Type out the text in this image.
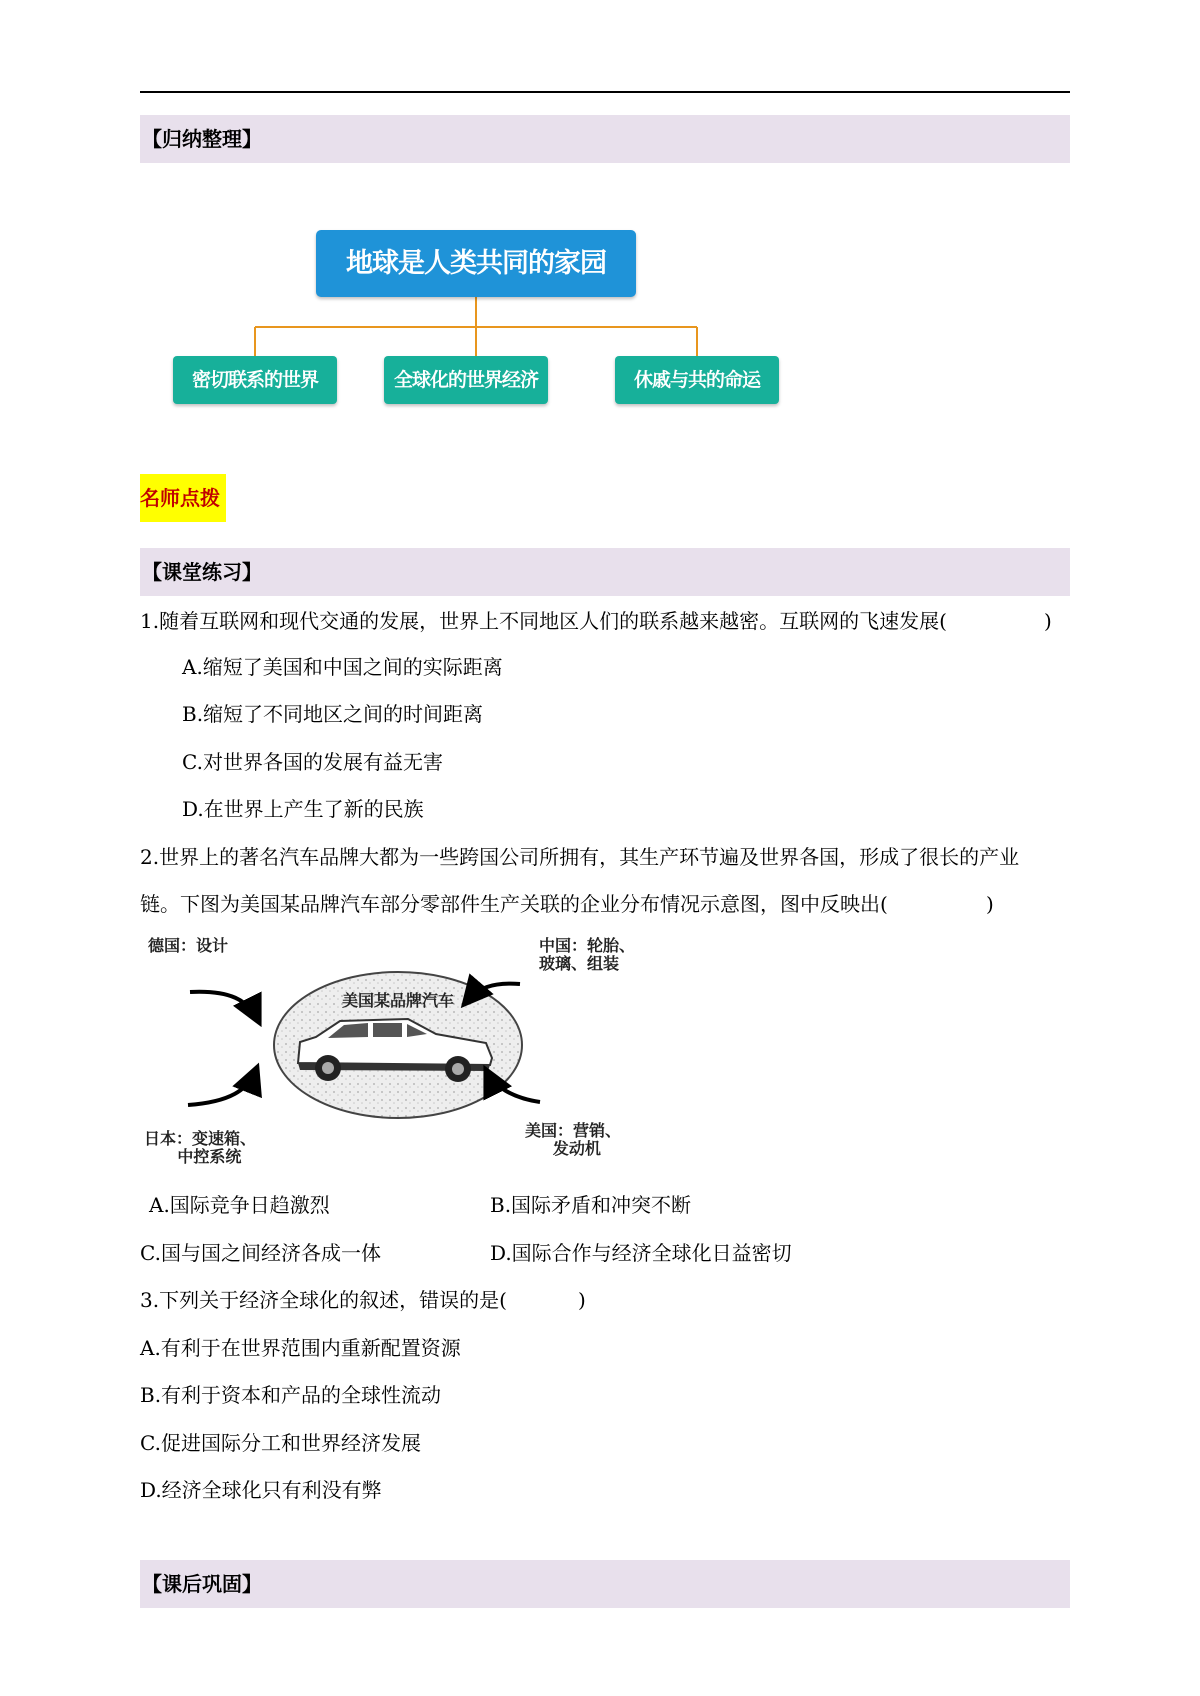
【归纳整理】
地球是人类共同的家园
密切联系的世界	全球化的世界经济	休戚与共的命运
名师点拨
【课堂练习】
1.随着互联网和现代交通的发展，世界上不同地区人们的联系越来越密。互联网的飞速发展(	)
A.缩短了美国和中国之间的实际距离
B.缩短了不同地区之间的时间距离
C.对世界各国的发展有益无害
D.在世界上产生了新的民族
2.世界上的著名汽车品牌大都为一些跨国公司所拥有，其生产环节遍及世界各国，形成了很长的产业
链。下图为美国某品牌汽车部分零部件生产关联的企业分布情况示意图，图中反映出(	)
美国某品牌汽车
德国：设计	中国：轮胎、
玻璃、组装
日本：变速箱、
中控系统
美国：营销、
发动机
A.国际竞争日趋激烈	B.国际矛盾和冲突不断
C.国与国之间经济各成一体	D.国际合作与经济全球化日益密切
3.下列关于经济全球化的叙述，错误的是(	)
A.有利于在世界范围内重新配置资源
B.有利于资本和产品的全球性流动
C.促进国际分工和世界经济发展
D.经济全球化只有利没有弊
【课后巩固】
